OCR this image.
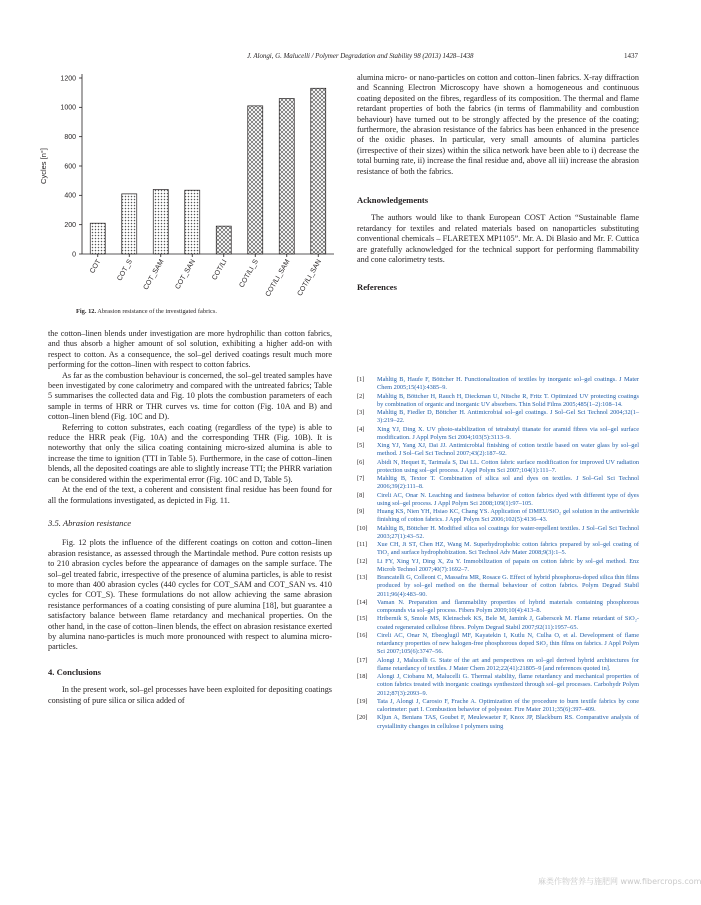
J. Alongi, G. Malucelli / Polymer Degradation and Stability 98 (2013) 1428–1438	1437
0
200
400
600
800
1000
1200
Cycles [n°]
COT COT_S COT_SAM COT_SAN COT/LI COT/LI_S COT/LI_SAM COT/LI_SAN
Fig. 12. Abrasion resistance of the investigated fabrics.

the cotton–linen blends under investigation are more hydrophilic than cotton fabrics, and thus absorb a higher amount of sol solution, exhibiting a higher add-on with respect to cotton. As a consequence, the sol–gel derived coatings result much more performing for the cotton–linen with respect to cotton fabrics.

As far as the combustion behaviour is concerned, the sol–gel treated samples have been investigated by cone calorimetry and compared with the untreated fabrics; Table 5 summarises the collected data and Fig. 10 plots the combustion parameters of each sample in terms of HRR or THR curves vs. time for cotton (Fig. 10A and B) and cotton–linen blend (Fig. 10C and D).

Referring to cotton substrates, each coating (regardless of the type) is able to reduce the HRR peak (Fig. 10A) and the corresponding THR (Fig. 10B). It is noteworthy that only the silica coating containing micro-sized alumina is able to increase the time to ignition (TTI in Table 5). Furthermore, in the case of cotton–linen blends, all the deposited coatings are able to slightly increase TTI; the PHRR variation can be considered within the experimental error (Fig. 10C and D, Table 5).

At the end of the text, a coherent and consistent final residue has been found for all the formulations investigated, as depicted in Fig. 11.

3.5. Abrasion resistance

Fig. 12 plots the influence of the different coatings on cotton and cotton–linen abrasion resistance, as assessed through the Martindale method. Pure cotton resists up to 210 abrasion cycles before the appearance of damages on the sample surface. The sol–gel treated fabric, irrespective of the presence of alumina particles, is able to resist to more than 400 abrasion cycles (440 cycles for COT_SAM and COT_SAN vs. 410 cycles for COT_S). These formulations do not allow achieving the same abrasion resistance performances of a coating consisting of pure alumina [18], but guarantee a satisfactory balance between flame retardancy and mechanical properties. On the other hand, in the case of cotton–linen blends, the effect on abrasion resistance exerted by alumina nano-particles is much more pronounced with respect to alumina micro-particles.

4. Conclusions

In the present work, sol–gel processes have been exploited for depositing coatings consisting of pure silica or silica added of

alumina micro- or nano-particles on cotton and cotton–linen fabrics. X-ray diffraction and Scanning Electron Microscopy have shown a homogeneous and continuous coating deposited on the fibres, regardless of its composition. The thermal and flame retardant properties of both the fabrics (in terms of flammability and combustion behaviour) have turned out to be strongly affected by the presence of the coating; furthermore, the abrasion resistance of the fabrics has been enhanced in the presence of the oxidic phases. In particular, very small amounts of alumina particles (irrespective of their sizes) within the silica network have been able to i) decrease the total burning rate, ii) increase the final residue and, above all iii) increase the abrasion resistance of both the fabrics.

Acknowledgements

The authors would like to thank European COST Action “Sustainable flame retardancy for textiles and related materials based on nanoparticles substituting conventional chemicals – FLARETEX MP1105”. Mr. A. Di Blasio and Mr. F. Cuttica are gratefully acknowledged for the technical support for performing flammability and cone calorimetry tests.

References
[1] Mahltig B, Haufe F, Böttcher H. Functionalization of textiles by inorganic sol–gel coatings. J Mater Chem 2005;15(41):4385–9.
[2] Mahltig B, Böttcher H, Rauch H, Dieckman U, Nitsche R, Fritz T. Optimized UV protecting coatings by combination of organic and inorganic UV absorbers. Thin Solid Films 2005;485(1–2):108–14.
[3] Mahltig B, Fiedler D, Böttcher H. Antimicrobial sol–gel coatings. J Sol–Gel Sci Technol 2004;32(1–3):219–22.
[4] Xing YJ, Ding X. UV photo-stabilization of tetrabutyl titanate for aramid fibres via sol–gel surface modification. J Appl Polym Sci 2004;103(5):3113–9.
[5] Xing YJ, Yang XJ, Dai JJ. Antimicrobial finishing of cotton textile based on water glass by sol–gel method. J Sol–Gel Sci Technol 2007;43(2):187–92.
[6] Abidi N, Hequet E, Tarimala S, Dai LL. Cotton fabric surface modification for improved UV radiation protection using sol–gel process. J Appl Polym Sci 2007;104(1):111–7.
[7] Mahltig B, Textor T. Combination of silica sol and dyes on textiles. J Sol–Gel Sci Technol 2006;39(2):111–8.
[8] Cireli AC, Onar N. Leaching and fastness behavior of cotton fabrics dyed with different type of dyes using sol–gel process. J Appl Polym Sci 2008;109(1):97–105.
[9] Huang KS, Nien YH, Hsiao KC, Chang YS. Application of DMEU/SiO₂ gel solution in the antiwrinkle finishing of cotton fabrics. J Appl Polym Sci 2006;102(5):4136–43.
[10] Mahltig B, Böttcher H. Modified silica sol coatings for water-repellent textiles. J Sol–Gel Sci Technol 2003;27(1):43–52.
[11] Xue CH, Ji ST, Chen HZ, Wang M. Superhydrophobic cotton fabrics prepared by sol–gel coating of TiO₂ and surface hydrophobization. Sci Technol Adv Mater 2008;9(3):1–5.
[12] Li FY, Xing YJ, Ding X, Zu Y. Immobilization of papain on cotton fabric by sol–gel method. Enz Microb Technol 2007;40(7):1692–7.
[13] Brancatelli G, Colleoni C, Massafra MR, Rosace G. Effect of hybrid phosphorus-doped silica thin films produced by sol–gel method on the thermal behaviour of cotton fabrics. Polym Degrad Stabil 2011;96(4):483–90.
[14] Vaman N. Preparation and flammability properties of hybrid materials containing phosphorous compounds via sol–gel process. Fibers Polym 2009;10(4):413–8.
[15] Hribernik S, Smole MS, Kleinschek KS, Bele M, Jamink J, Gaberscek M. Flame retardant of SiO₂-coated regenerated cellulose fibres. Polym Degrad Stabil 2007;92(11):1957–65.
[16] Cireli AC, Onar N, Ebeoglugil MF, Kayatekin I, Kutlu N, Culha O, et al. Development of flame retardancy properties of new halogen-free phosphorous doped SiO₂ thin films on fabrics. J Appl Polym Sci 2007;105(6):3747–56.
[17] Alongi J, Malucelli G. State of the art and perspectives on sol–gel derived hybrid architectures for flame retardancy of textiles. J Mater Chem 2012;22(41):21805–9 [and references quoted in].
[18] Alongi J, Ciobanu M, Malucelli G. Thermal stability, flame retardancy and mechanical properties of cotton fabrics treated with inorganic coatings synthesized through sol–gel processes. Carbohydr Polym 2012;87(3):2093–9.
[19] Tata J, Alongi J, Carosio F, Frache A. Optimization of the procedure to burn textile fabrics by cone calorimeter: part I. Combustion behavior of polyester. Fire Mater 2011;35(6):397–409.
[20] Kljun A, Benians TAS, Goubet F, Meulewaeter F, Knox JP, Blackburn RS. Comparative analysis of crystallinity changes in cellulose I polymers using
麻类作物营养与施肥网 www.fibercrops.com
